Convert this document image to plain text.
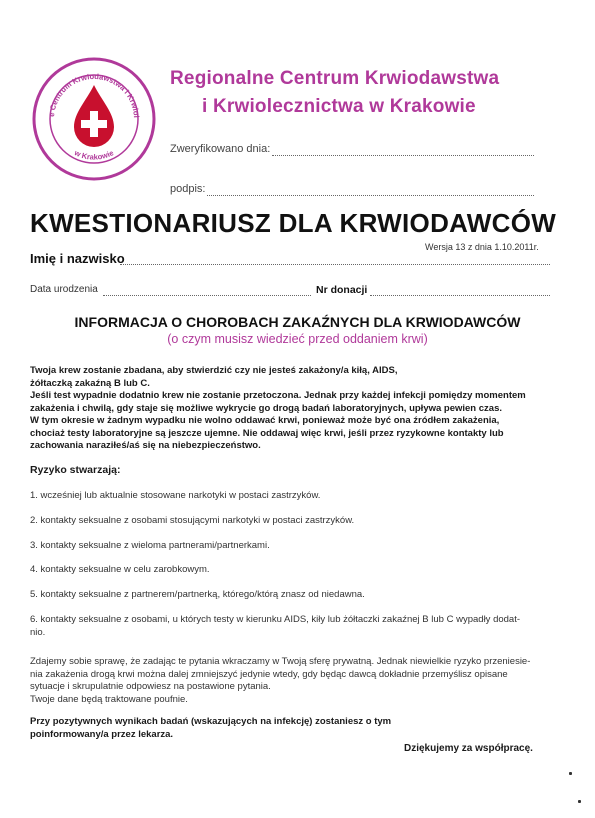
e Centrum Krwiodawstwa i Krwiol
w Krakowie
Regionalne Centrum Krwiodawstwa
i Krwiolecznictwa w Krakowie
Zweryfikowano dnia:
podpis:
KWESTIONARIUSZ DLA KRWIODAWCÓW
Wersja 13 z dnia 1.10.2011r.
Imię i nazwisko
Data urodzenia	Nr donacji
INFORMACJA O CHOROBACH ZAKAŹNYCH DLA KRWIODAWCÓW
(o czym musisz wiedzieć przed oddaniem krwi)
Twoja krew zostanie zbadana, aby stwierdzić czy nie jesteś zakażony/a kiłą, AIDS,
żółtaczką zakaźną B lub C.
Jeśli test wypadnie dodatnio krew nie zostanie przetoczona. Jednak przy każdej infekcji pomiędzy momentem
zakażenia i chwilą, gdy staje się możliwe wykrycie go drogą badań laboratoryjnych, upływa pewien czas.
W tym okresie w żadnym wypadku nie wolno oddawać krwi, ponieważ może być ona źródłem zakażenia,
chociaż testy laboratoryjne są jeszcze ujemne. Nie oddawaj więc krwi, jeśli przez ryzykowne kontakty lub
zachowania naraziłeś/aś się na niebezpieczeństwo.
Ryzyko stwarzają:
1. wcześniej lub aktualnie stosowane narkotyki w postaci zastrzyków.
2. kontakty seksualne z osobami stosującymi narkotyki w postaci zastrzyków.
3. kontakty seksualne z wieloma partnerami/partnerkami.
4. kontakty seksualne w celu zarobkowym.
5. kontakty seksualne z partnerem/partnerką, którego/którą znasz od niedawna.
6. kontakty seksualne z osobami, u których testy w kierunku AIDS, kiły lub żółtaczki zakaźnej B lub C wypadły dodat-
nio.
Zdajemy sobie sprawę, że zadając te pytania wkraczamy w Twoją sferę prywatną. Jednak niewielkie ryzyko przeniesie-
nia zakażenia drogą krwi można dalej zmniejszyć jedynie wtedy, gdy będąc dawcą dokładnie przemyślisz opisane
sytuacje i skrupulatnie odpowiesz na postawione pytania.
Twoje dane będą traktowane poufnie.
Przy pozytywnych wynikach badań (wskazujących na infekcję) zostaniesz o tym
poinformowany/a przez lekarza.
Dziękujemy za współpracę.
